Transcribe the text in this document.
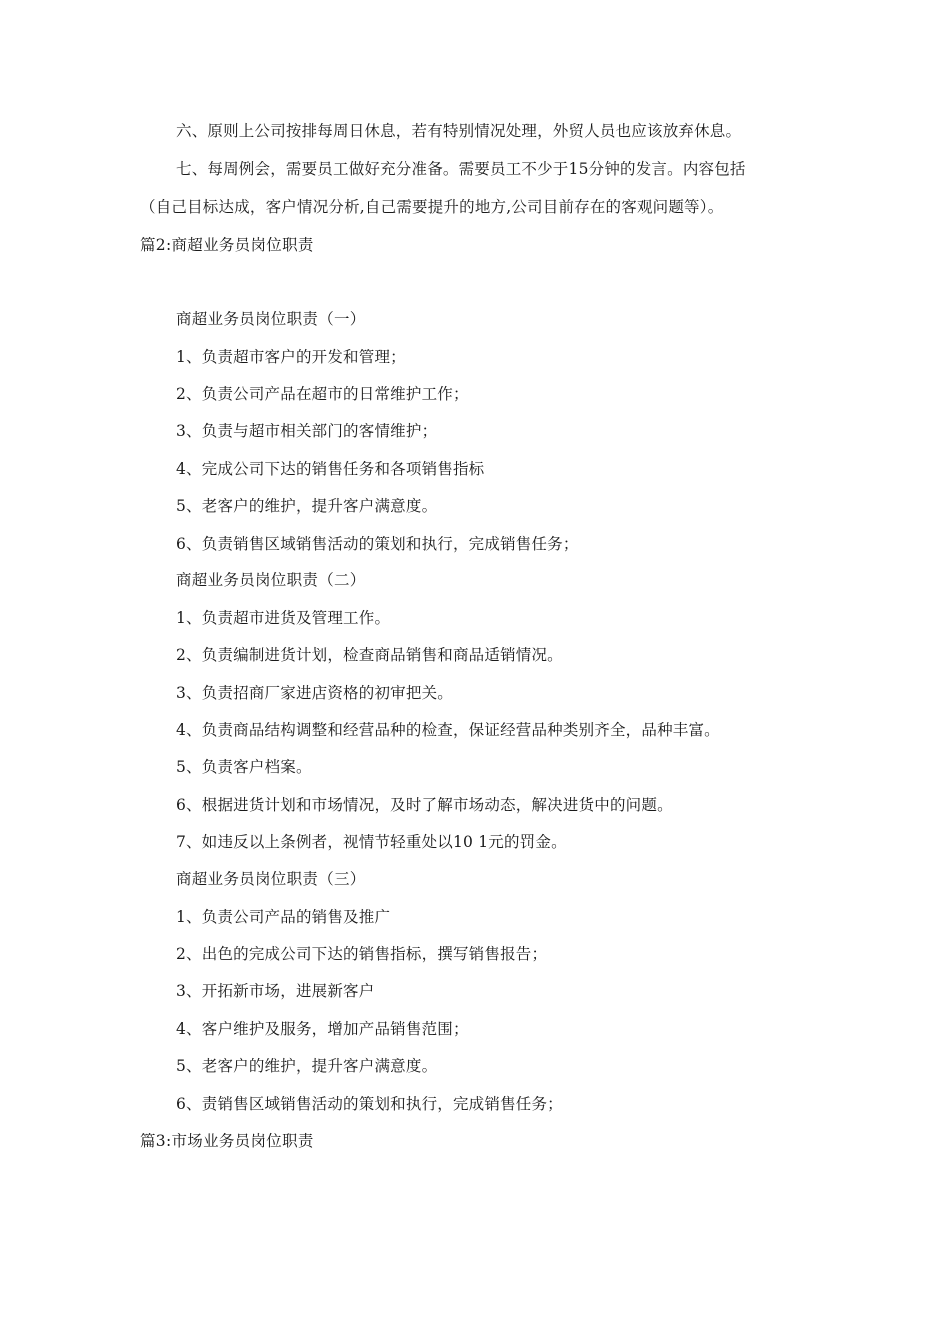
六、原则上公司按排每周日休息，若有特别情况处理，外贸人员也应该放弃休息。
七、每周例会，需要员工做好充分准备。需要员工不少于15分钟的发言。内容包括
（自己目标达成，客户情况分析,自己需要提升的地方,公司目前存在的客观问题等）。
篇2:商超业务员岗位职责
商超业务员岗位职责（一）
1、负责超市客户的开发和管理；
2、负责公司产品在超市的日常维护工作；
3、负责与超市相关部门的客情维护；
4、完成公司下达的销售任务和各项销售指标
5、老客户的维护，提升客户满意度。
6、负责销售区域销售活动的策划和执行，完成销售任务；
商超业务员岗位职责（二）
1、负责超市进货及管理工作。
2、负责编制进货计划，检查商品销售和商品适销情况。
3、负责招商厂家进店资格的初审把关。
4、负责商品结构调整和经营品种的检查，保证经营品种类别齐全，品种丰富。
5、负责客户档案。
6、根据进货计划和市场情况，及时了解市场动态，解决进货中的问题。
7、如违反以上条例者，视情节轻重处以10 1元的罚金。
商超业务员岗位职责（三）
1、负责公司产品的销售及推广
2、出色的完成公司下达的销售指标，撰写销售报告；
3、开拓新市场，进展新客户
4、客户维护及服务，增加产品销售范围；
5、老客户的维护，提升客户满意度。
6、责销售区域销售活动的策划和执行，完成销售任务；
篇3:市场业务员岗位职责
